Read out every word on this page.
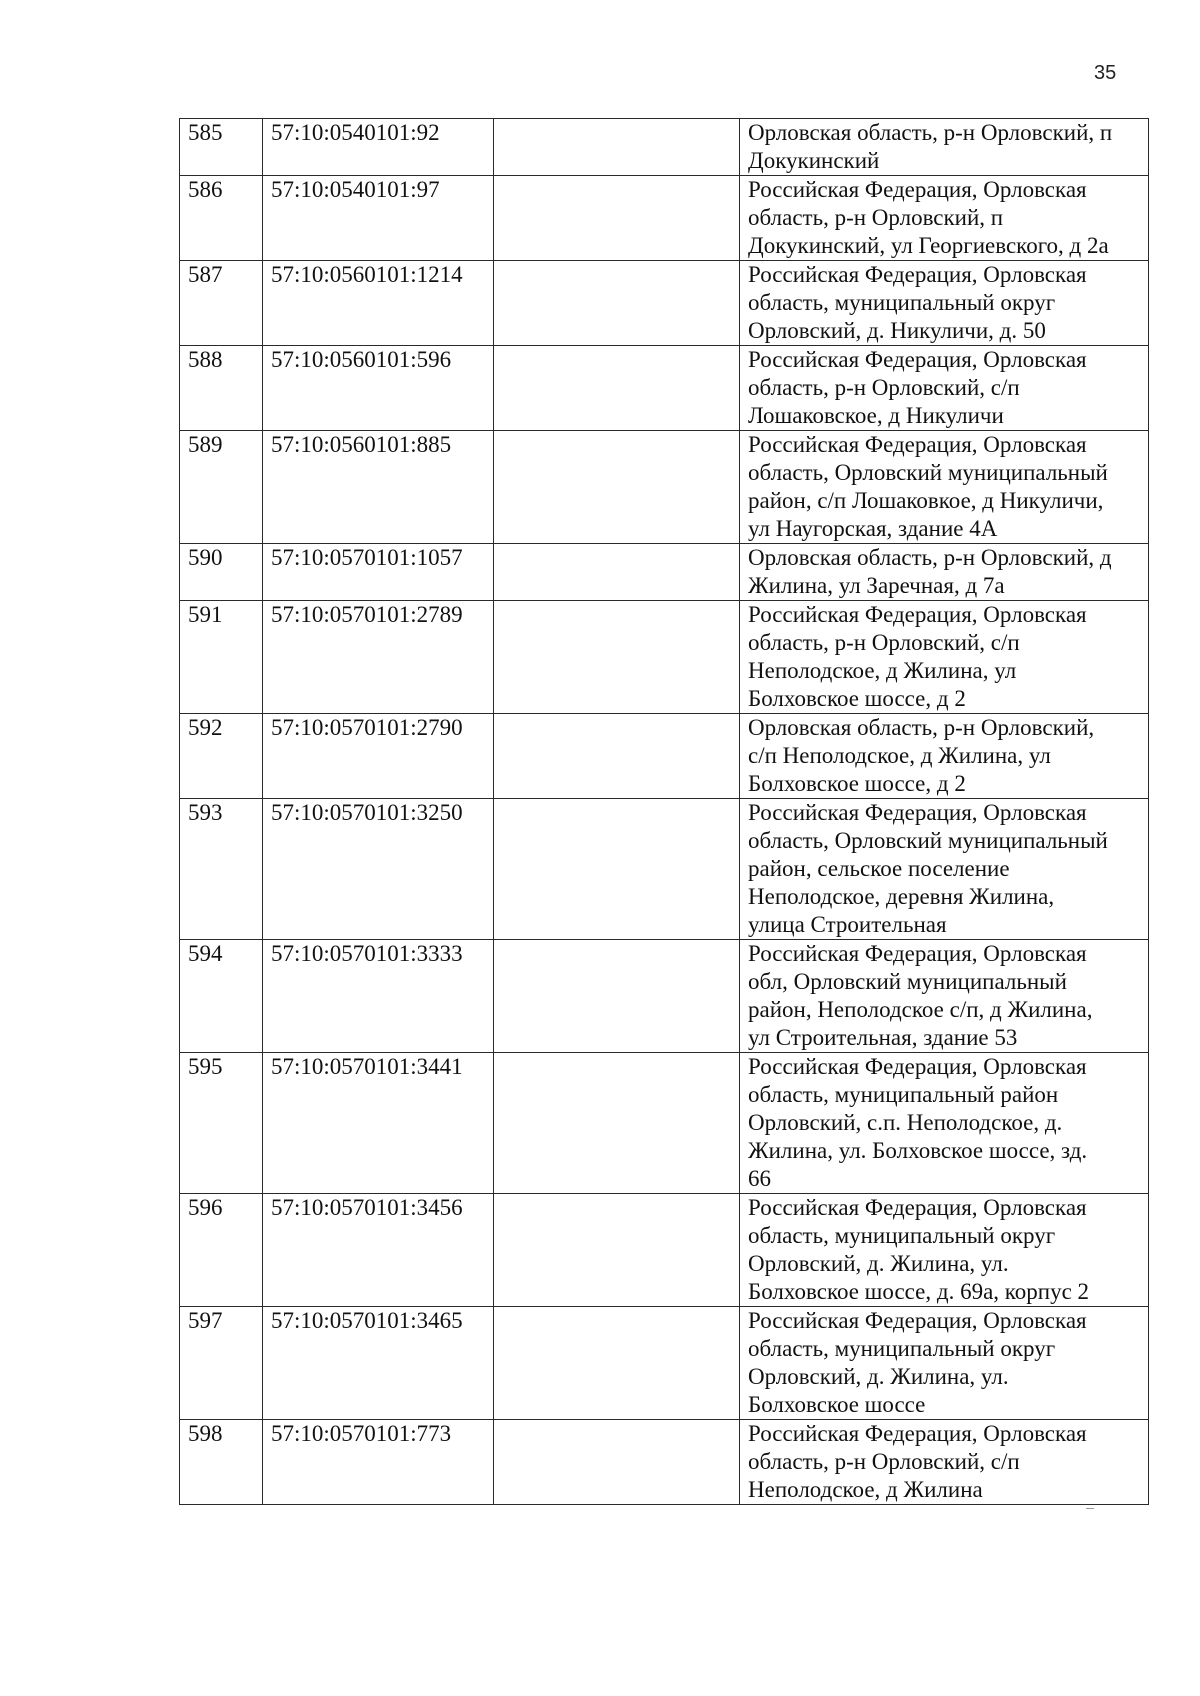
35
585	57:10:0540101:92		Орловская область, р-н Орловский, п
Докукинский
586	57:10:0540101:97		Российская Федерация, Орловская
область, р-н Орловский, п
Докукинский, ул Георгиевского, д 2а
587	57:10:0560101:1214		Российская Федерация, Орловская
область, муниципальный округ
Орловский, д. Никуличи, д. 50
588	57:10:0560101:596		Российская Федерация, Орловская
область, р-н Орловский, с/п
Лошаковское, д Никуличи
589	57:10:0560101:885		Российская Федерация, Орловская
область, Орловский муниципальный
район, с/п Лошаковкое, д Никуличи,
ул Наугорская, здание 4А
590	57:10:0570101:1057		Орловская область, р-н Орловский, д
Жилина, ул Заречная, д 7а
591	57:10:0570101:2789		Российская Федерация, Орловская
область, р-н Орловский, с/п
Неполодское, д Жилина, ул
Болховское шоссе, д 2
592	57:10:0570101:2790		Орловская область, р-н Орловский,
с/п Неполодское, д Жилина, ул
Болховское шоссе, д 2
593	57:10:0570101:3250		Российская Федерация, Орловская
область, Орловский муниципальный
район, сельское поселение
Неполодское, деревня Жилина,
улица Строительная
594	57:10:0570101:3333		Российская Федерация, Орловская
обл, Орловский муниципальный
район, Неполодское с/п, д Жилина,
ул Строительная, здание 53
595	57:10:0570101:3441		Российская Федерация, Орловская
область, муниципальный район
Орловский, с.п. Неполодское, д.
Жилина, ул. Болховское шоссе, зд.
66
596	57:10:0570101:3456		Российская Федерация, Орловская
область, муниципальный округ
Орловский, д. Жилина, ул.
Болховское шоссе, д. 69а, корпус 2
597	57:10:0570101:3465		Российская Федерация, Орловская
область, муниципальный округ
Орловский, д. Жилина, ул.
Болховское шоссе
598	57:10:0570101:773		Российская Федерация, Орловская
область, р-н Орловский, с/п
Неполодское, д Жилина
